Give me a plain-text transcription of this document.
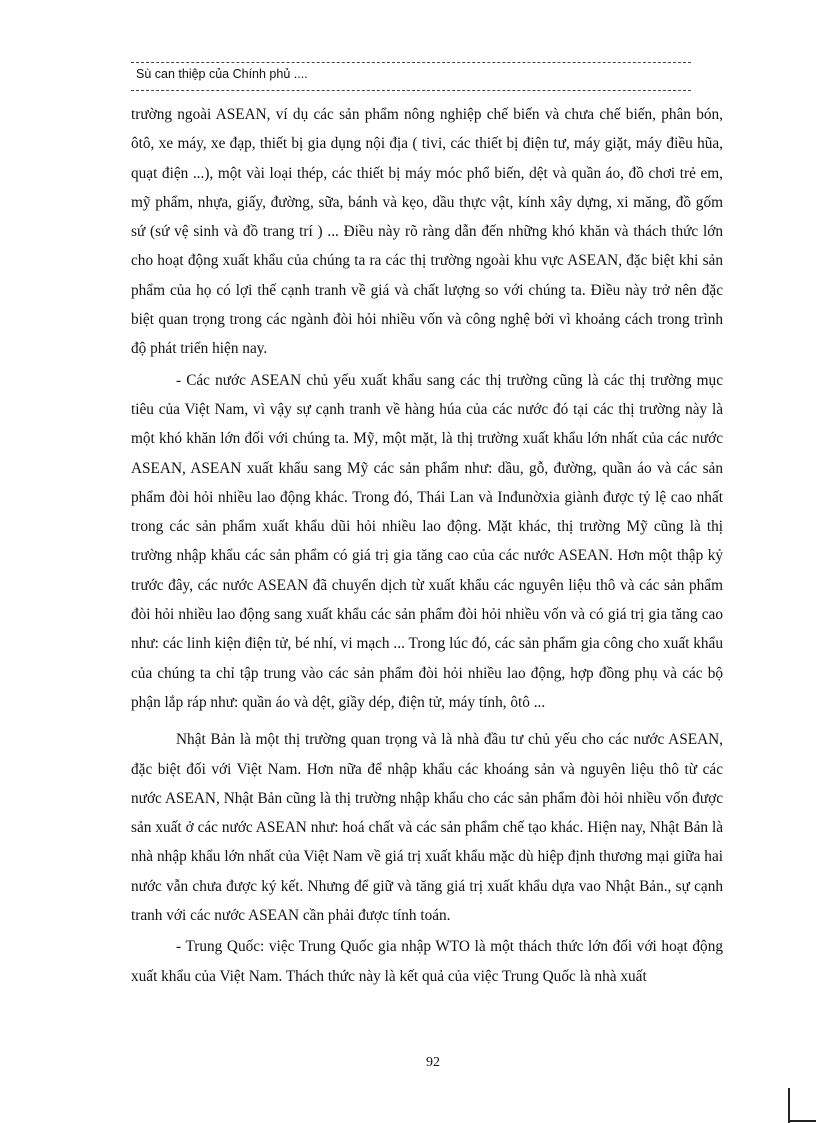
Sù can thiệp của Chính phủ ....

trường ngoài ASEAN, ví dụ các sản phẩm nông nghiệp chế biến và chưa chế biến, phân bón, ôtô, xe máy, xe đạp, thiết bị gia dụng nội địa ( tivi, các thiết bị điện tư, máy giặt, máy điều hũa, quạt điện ...), một vài loại thép, các thiết bị máy móc phổ biến, dệt và quần áo, đồ chơi trẻ em, mỹ phẩm, nhựa, giấy, đường, sữa, bánh và kẹo, dầu thực vật, kính xây dựng, xi măng, đồ gốm sứ (sứ vệ sinh và đồ trang trí ) ... Điều này rõ ràng dẫn đến những khó khăn và thách thức lớn cho hoạt động xuất khẩu của chúng ta ra các thị trường ngoài khu vực ASEAN, đặc biệt khi sản phẩm của họ có lợi thế cạnh tranh về giá và chất lượng so với chúng ta. Điều này trở nên đặc biệt quan trọng trong các ngành đòi hỏi nhiều vốn và công nghệ bởi vì khoảng cách trong trình độ phát triển hiện nay.

- Các nước ASEAN chủ yếu xuất khẩu sang các thị trường cũng là các thị trường mục tiêu của Việt Nam, vì vậy sự cạnh tranh về hàng húa của các nước đó tại các thị trường này là một khó khăn lớn đối với chúng ta. Mỹ, một mặt, là thị trường xuất khẩu lớn nhất của các nước ASEAN, ASEAN xuất khẩu sang Mỹ các sản phẩm như: dầu, gỗ, đường, quần áo và các sản phẩm đòi hỏi nhiều lao động khác. Trong đó, Thái Lan và Inđunờxia giành được tỷ lệ cao nhất trong các sản phẩm xuất khẩu dũi hỏi nhiều lao động. Mặt khác, thị trường Mỹ cũng là thị trường nhập khẩu các sản phẩm có giá trị gia tăng cao của các nước ASEAN. Hơn một thập kỷ trước đây, các nước ASEAN đã chuyển dịch từ xuất khẩu các nguyên liệu thô và các sản phẩm đòi hỏi nhiều lao động sang xuất khẩu các sản phẩm đòi hỏi nhiều vốn và có giá trị gia tăng cao như: các linh kiện điện tử, bé nhí, vi mạch ... Trong lúc đó, các sản phẩm gia công cho xuất khẩu của chúng ta chỉ tập trung vào các sản phẩm đòi hỏi nhiều lao động, hợp đồng phụ và các bộ phận lắp ráp như: quần áo và dệt, giầy dép, điện tử, máy tính, ôtô ...

Nhật Bản là một thị trường quan trọng và là nhà đầu tư chủ yếu cho các nước ASEAN, đặc biệt đối với Việt Nam. Hơn nữa để nhập khẩu các khoáng sản và nguyên liệu thô từ các nước ASEAN, Nhật Bản cũng là thị trường nhập khẩu cho các sản phẩm đòi hỏi nhiều vốn được sản xuất ở các nước ASEAN như: hoá chất và các sản phẩm chế tạo khác. Hiện nay, Nhật Bản là nhà nhập khẩu lớn nhất của Việt Nam về giá trị xuất khẩu mặc dù hiệp định thương mại giữa hai nước vẫn chưa được ký kết. Nhưng để giữ và tăng giá trị xuất khẩu dựa vao Nhật Bản., sự cạnh tranh với các nước ASEAN cần phải được tính toán.

- Trung Quốc: việc Trung Quốc gia nhập WTO là một thách thức lớn đối với hoạt động xuất khẩu của Việt Nam. Thách thức này là kết quả của việc Trung Quốc là nhà xuất

92
